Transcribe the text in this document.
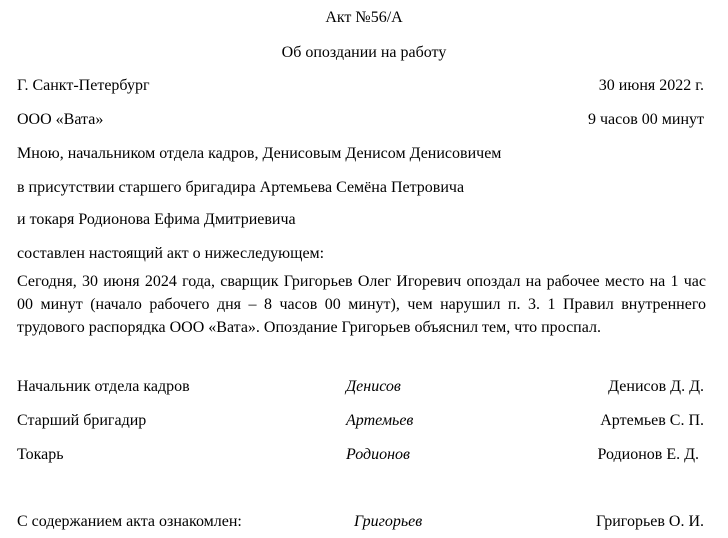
Акт №56/А
Об опоздании на работу
Г. Санкт-Петербург	30 июня 2022 г.
ООО «Вата»	9 часов 00 минут
Мною, начальником отдела кадров, Денисовым Денисом Денисовичем
в присутствии старшего бригадира Артемьева Семёна Петровича
и токаря Родионова Ефима Дмитриевича
составлен настоящий акт о нижеследующем:
Сегодня, 30 июня 2024 года, сварщик Григорьев Олег Игоревич опоздал на рабочее место на 1 час 00 минут (начало рабочего дня – 8 часов 00 минут), чем нарушил п. 3. 1 Правил внутреннего трудового распорядка ООО «Вата». Опоздание Григорьев объяснил тем, что проспал.
Начальник отдела кадров	Денисов	Денисов Д. Д.
Старший бригадир	Артемьев	Артемьев С. П.
Токарь	Родионов	Родионов Е. Д.
С содержанием акта ознакомлен:	Григорьев	Григорьев О. И.
